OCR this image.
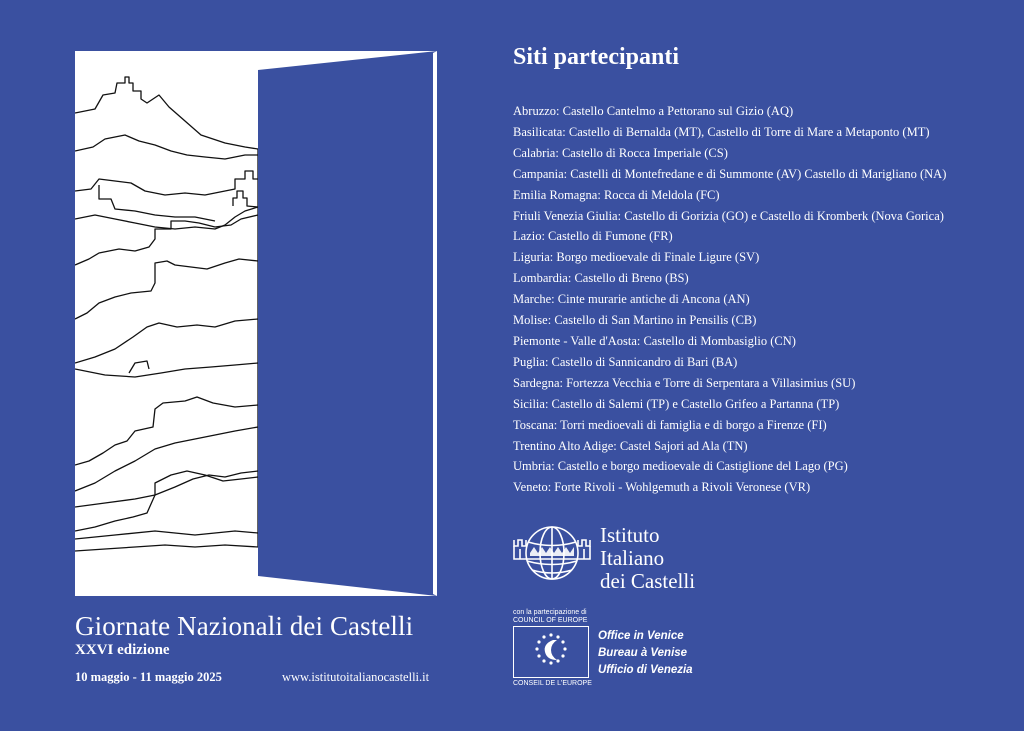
Giornate Nazionali dei Castelli
XXVI edizione
10 maggio - 11 maggio 2025	www.istitutoitalianocastelli.it
Siti partecipanti
Abruzzo: Castello Cantelmo a Pettorano sul Gizio (AQ)
Basilicata: Castello di Bernalda (MT), Castello di Torre di Mare a Metaponto (MT)
Calabria: Castello di Rocca Imperiale (CS)
Campania: Castelli di Montefredane e di Summonte (AV) Castello di Marigliano (NA)
Emilia Romagna: Rocca di Meldola (FC)
Friuli Venezia Giulia: Castello di Gorizia (GO) e Castello di Kromberk (Nova Gorica)
Lazio: Castello di Fumone (FR)
Liguria: Borgo medioevale di Finale Ligure (SV)
Lombardia: Castello di Breno (BS)
Marche: Cinte murarie antiche di Ancona (AN)
Molise: Castello di San Martino in Pensilis (CB)
Piemonte - Valle d'Aosta: Castello di Mombasiglio (CN)
Puglia: Castello di Sannicandro di Bari (BA)
Sardegna: Fortezza Vecchia e Torre di Serpentara a Villasimius (SU)
Sicilia: Castello di Salemi (TP) e Castello Grifeo a Partanna (TP)
Toscana: Torri medioevali di famiglia e di borgo a Firenze (FI)
Trentino Alto Adige: Castel Sajori ad Ala (TN)
Umbria: Castello e borgo medioevale di Castiglione del Lago (PG)
Veneto: Forte Rivoli - Wohlgemuth a Rivoli Veronese (VR)
Istituto
Italiano
dei Castelli
con la partecipazione di
COUNCIL OF EUROPE
CONSEIL DE L'EUROPE
Office in Venice
Bureau à Venise
Ufficio di Venezia
